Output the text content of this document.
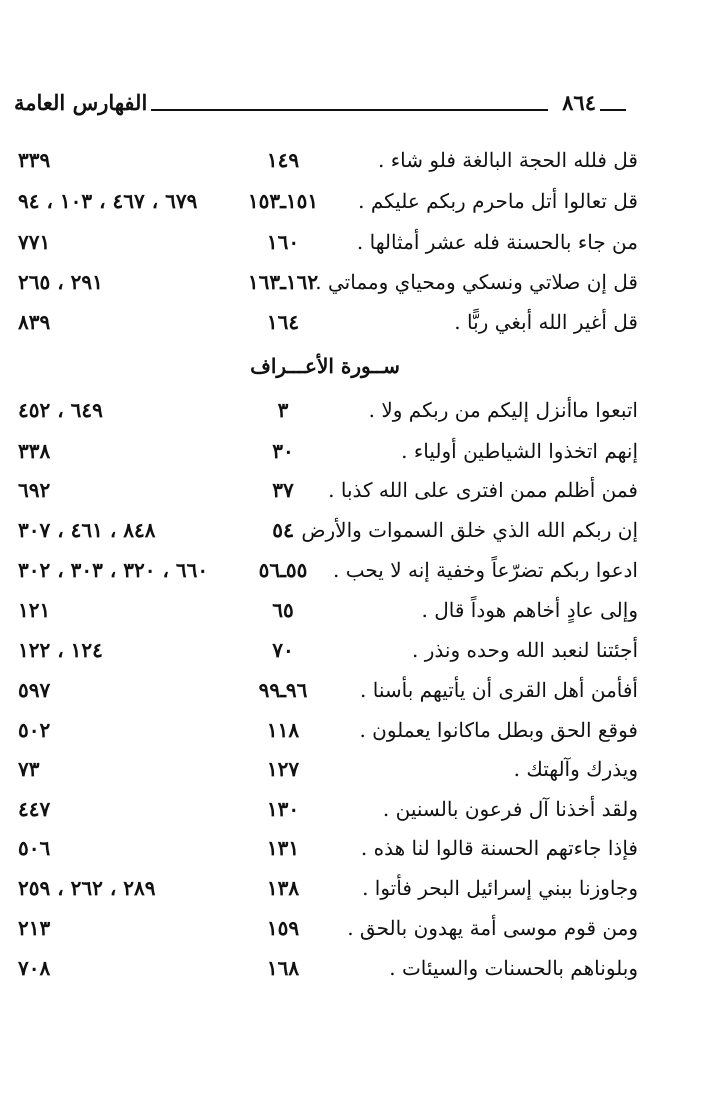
الفهارس العامة	٨٦٤
قل فلله الحجة البالغة فلو شاء .
١٤٩
٣٣٩
قل تعالوا أتل ماحرم ربكم عليكم .
١٥١ـ١٥٣
٦٧٩ ، ٤٦٧ ، ١٠٣ ، ٩٤
من جاء بالحسنة فله عشر أمثالها .
١٦٠
٧٧١
قل إن صلاتي ونسكي ومحياي ومماتي .
١٦٢ـ١٦٣
٢٩١ ، ٢٦٥
قل أغير الله أبغي ربًّا .
١٦٤
٨٣٩
ســورة الأعـــراف
اتبعوا ماأنزل إليكم من ربكم ولا .
٣
٦٤٩ ، ٤٥٢
إنهم اتخذوا الشياطين أولياء .
٣٠
٣٣٨
فمن أظلم ممن افترى على الله كذبا .
٣٧
٦٩٢
إن ربكم الله الذي خلق السموات والأرض .
٥٤
٨٤٨ ، ٤٦١ ، ٣٠٧
ادعوا ربكم تضرّعاً وخفية إنه لا يحب .
٥٥ـ٥٦
٦٦٠ ، ٣٢٠ ، ٣٠٣ ، ٣٠٢
وإلى عادٍ أخاهم هوداً قال .
٦٥
١٢١
أجئتنا لنعبد الله وحده ونذر .
٧٠
١٢٤ ، ١٢٢
أفأمن أهل القرى أن يأتيهم بأسنا .
٩٦ـ٩٩
٥٩٧
فوقع الحق وبطل ماكانوا يعملون .
١١٨
٥٠٢
ويذرك وآلهتك .
١٢٧
٧٣
ولقد أخذنا آل فرعون بالسنين .
١٣٠
٤٤٧
فإذا جاءتهم الحسنة قالوا لنا هذه .
١٣١
٥٠٦
وجاوزنا ببني إسرائيل البحر فأتوا .
١٣٨
٢٨٩ ، ٢٦٢ ، ٢٥٩
ومن قوم موسى أمة يهدون بالحق .
١٥٩
٢١٣
وبلوناهم بالحسنات والسيئات .
١٦٨
٧٠٨
